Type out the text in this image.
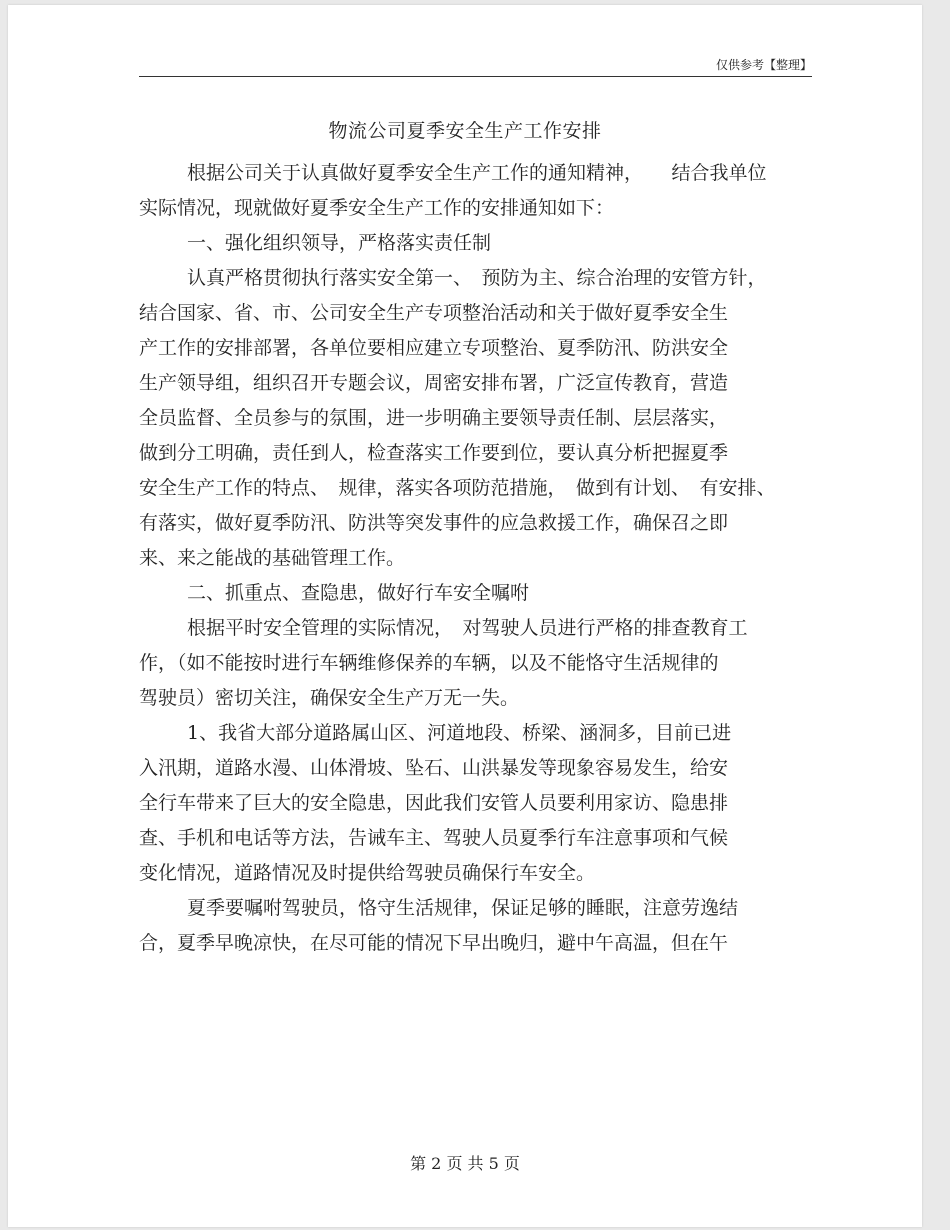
仅供参考【整理】
物流公司夏季安全生产工作安排
根据公司关于认真做好夏季安全生产工作的通知精神，　　结合我单位
实际情况，现就做好夏季安全生产工作的安排通知如下：
一、强化组织领导，严格落实责任制
认真严格贯彻执行落实安全第一、　预防为主、综合治理的安管方针，
结合国家、省、市、公司安全生产专项整治活动和关于做好夏季安全生
产工作的安排部署，各单位要相应建立专项整治、夏季防汛、防洪安全
生产领导组，组织召开专题会议，周密安排布署，广泛宣传教育，营造
全员监督、全员参与的氛围，进一步明确主要领导责任制、层层落实，
做到分工明确，责任到人，检查落实工作要到位，要认真分析把握夏季
安全生产工作的特点、　规律，落实各项防范措施，　做到有计划、　有安排、
有落实，做好夏季防汛、防洪等突发事件的应急救援工作，确保召之即
来、来之能战的基础管理工作。
二、抓重点、查隐患，做好行车安全嘱咐
根据平时安全管理的实际情况，　对驾驶人员进行严格的排查教育工
作，（如不能按时进行车辆维修保养的车辆，以及不能恪守生活规律的
驾驶员）密切关注，确保安全生产万无一失。
1、我省大部分道路属山区、河道地段、桥梁、涵洞多，目前已进
入汛期，道路水漫、山体滑坡、坠石、山洪暴发等现象容易发生，给安
全行车带来了巨大的安全隐患，因此我们安管人员要利用家访、隐患排
查、手机和电话等方法，告诫车主、驾驶人员夏季行车注意事项和气候
变化情况，道路情况及时提供给驾驶员确保行车安全。
夏季要嘱咐驾驶员，恪守生活规律，保证足够的睡眠，注意劳逸结
合，夏季早晚凉快，在尽可能的情况下早出晚归，避中午高温，但在午
第 2 页 共 5 页
